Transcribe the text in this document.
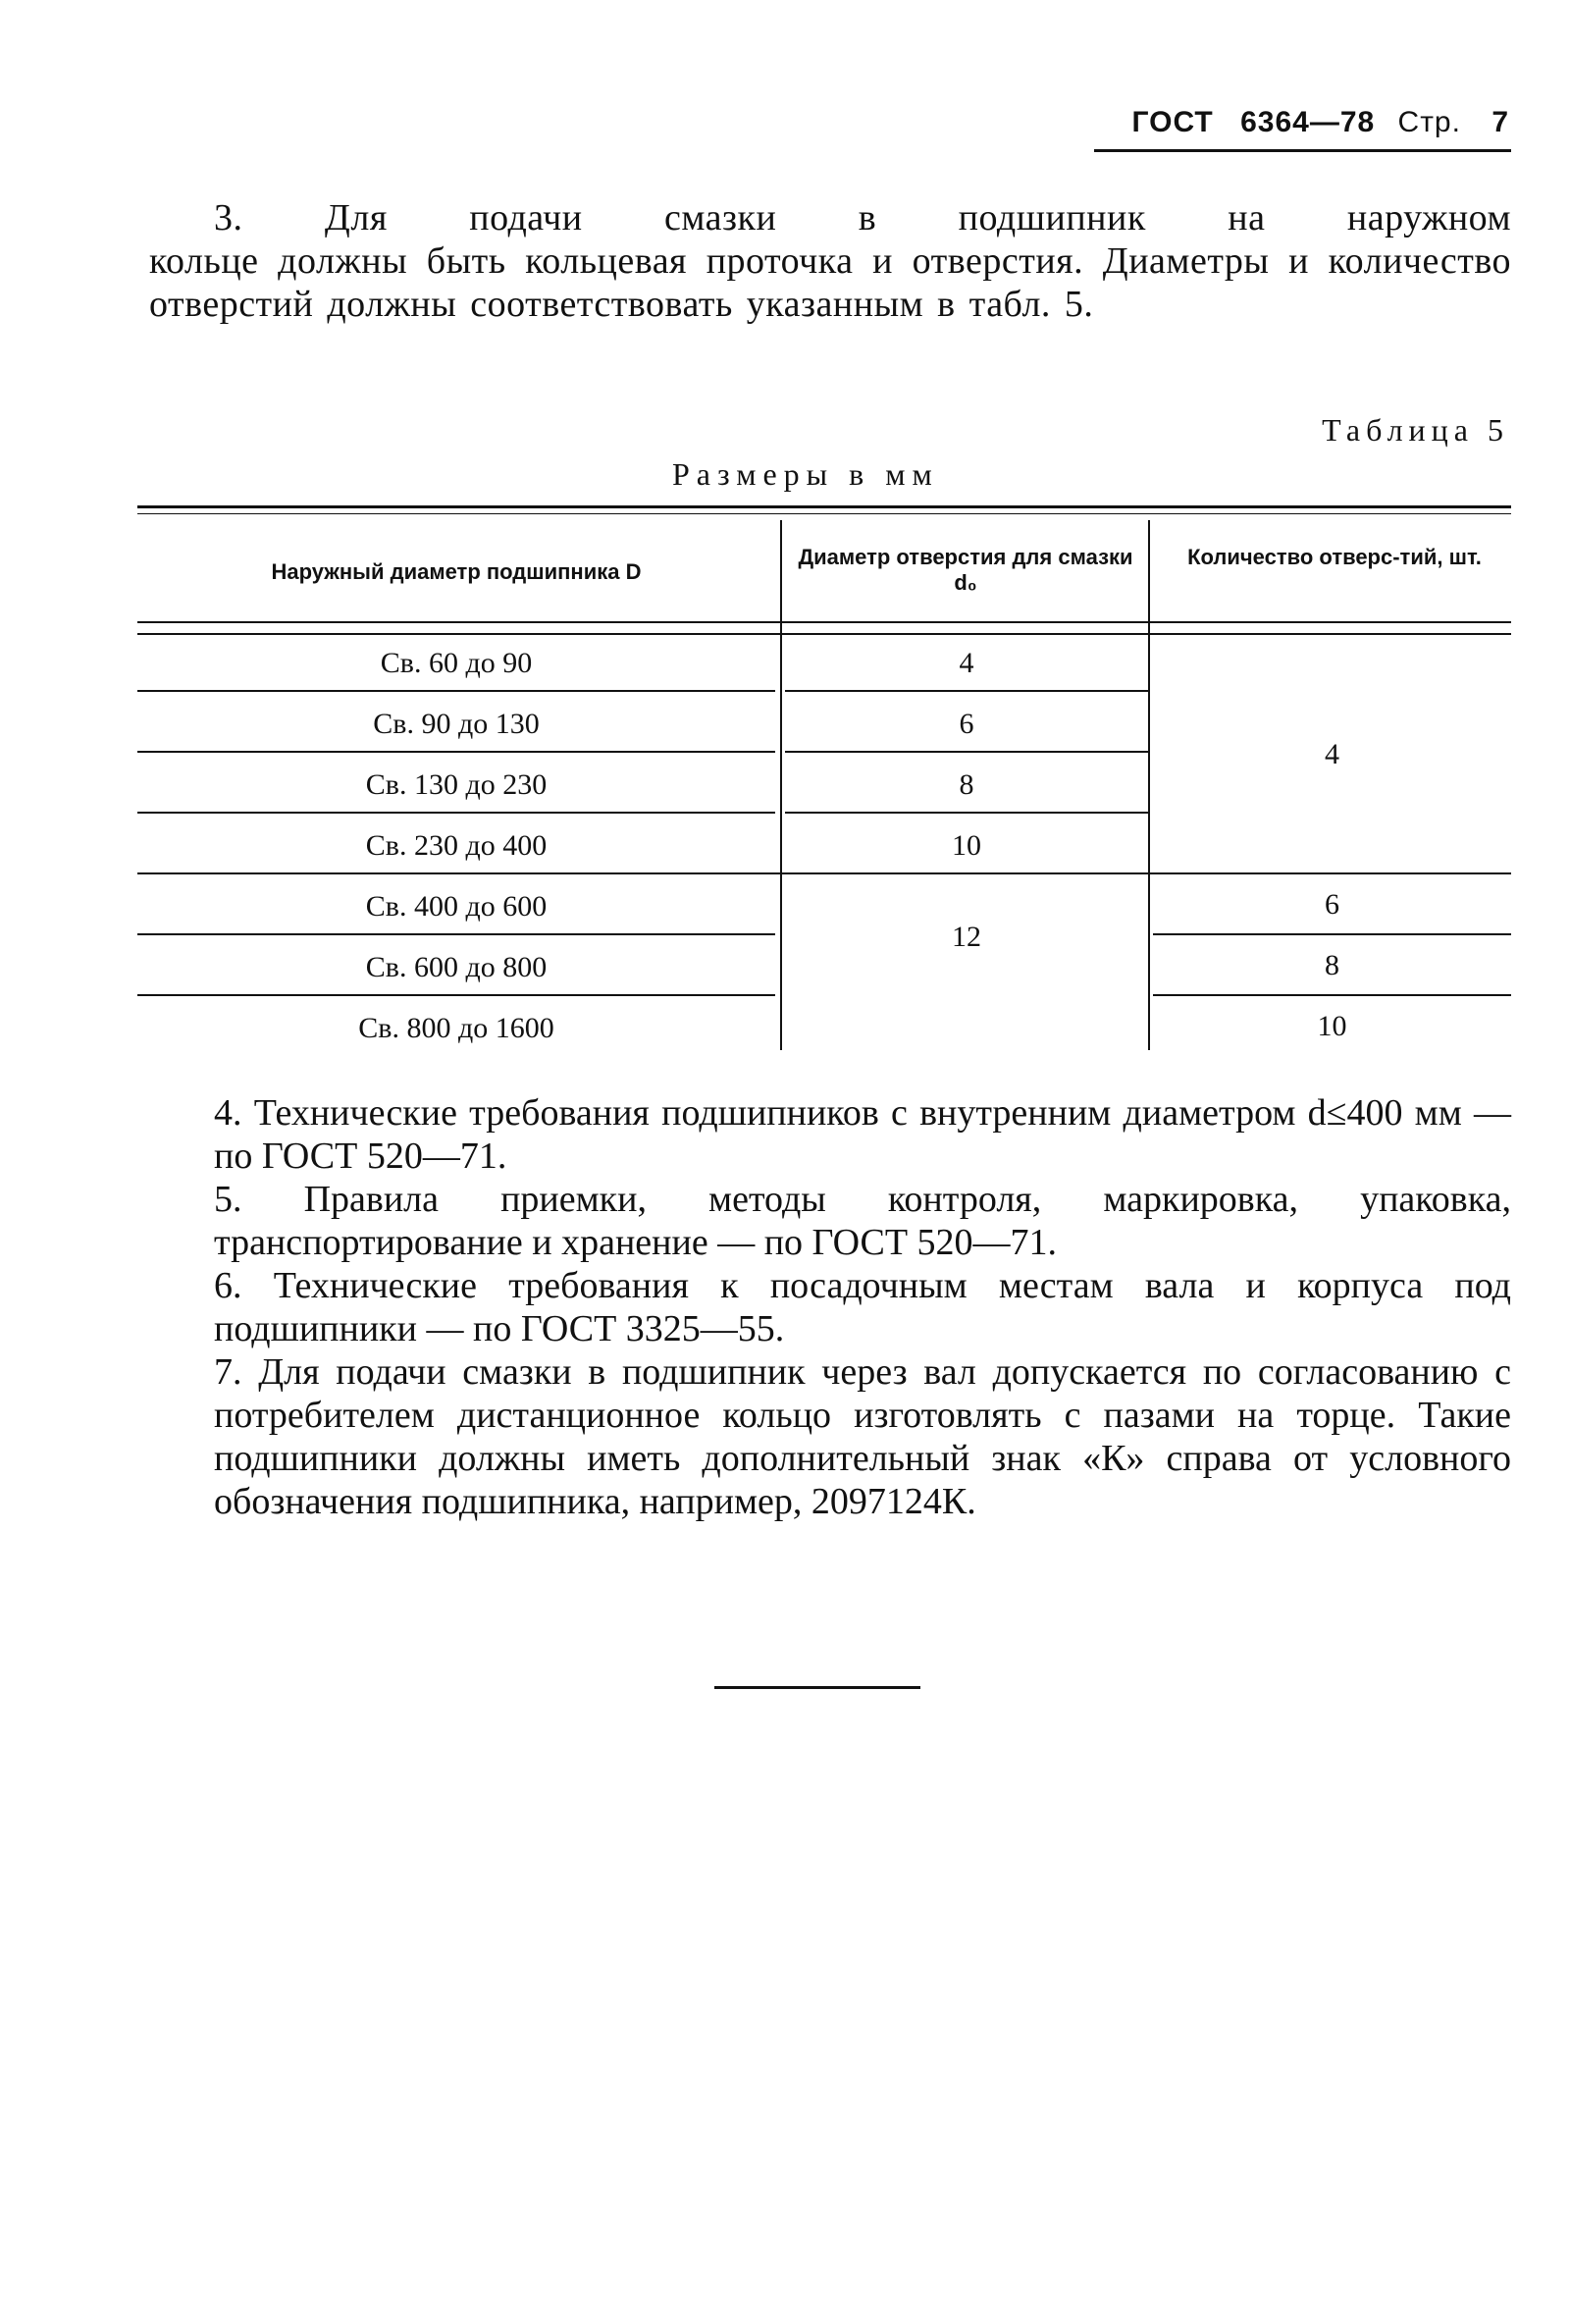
ГОСТ 6364—78 Стр. 7
3. Для подачи смазки в подшипник на наружном
кольце должны быть кольцевая проточка и отверстия. Диаметры и количество отверстий должны соответствовать указанным в табл. 5.
Таблица 5
Размеры в мм
Наружный диаметр подшипника D
Диаметр отверстия для смазки d₀
Количество отверс-тий, шт.
Св. 60 до 90
Св. 90 до 130
Св. 130 до 230
Св. 230 до 400
Св. 400 до 600
Св. 600 до 800
Св. 800 до 1600
4
6
8
10
12
4
6
8
10
4. Технические требования подшипников с внутренним диаметром d≤400 мм — по ГОСТ 520—71.
5. Правила приемки, методы контроля, маркировка, упаковка, транспортирование и хранение — по ГОСТ 520—71.
6. Технические требования к посадочным местам вала и корпуса под подшипники — по ГОСТ 3325—55.
7. Для подачи смазки в подшипник через вал допускается по согласованию с потребителем дистанционное кольцо изготовлять с пазами на торце. Такие подшипники должны иметь дополнительный знак «К» справа от условного обозначения подшипника, например, 2097124К.
